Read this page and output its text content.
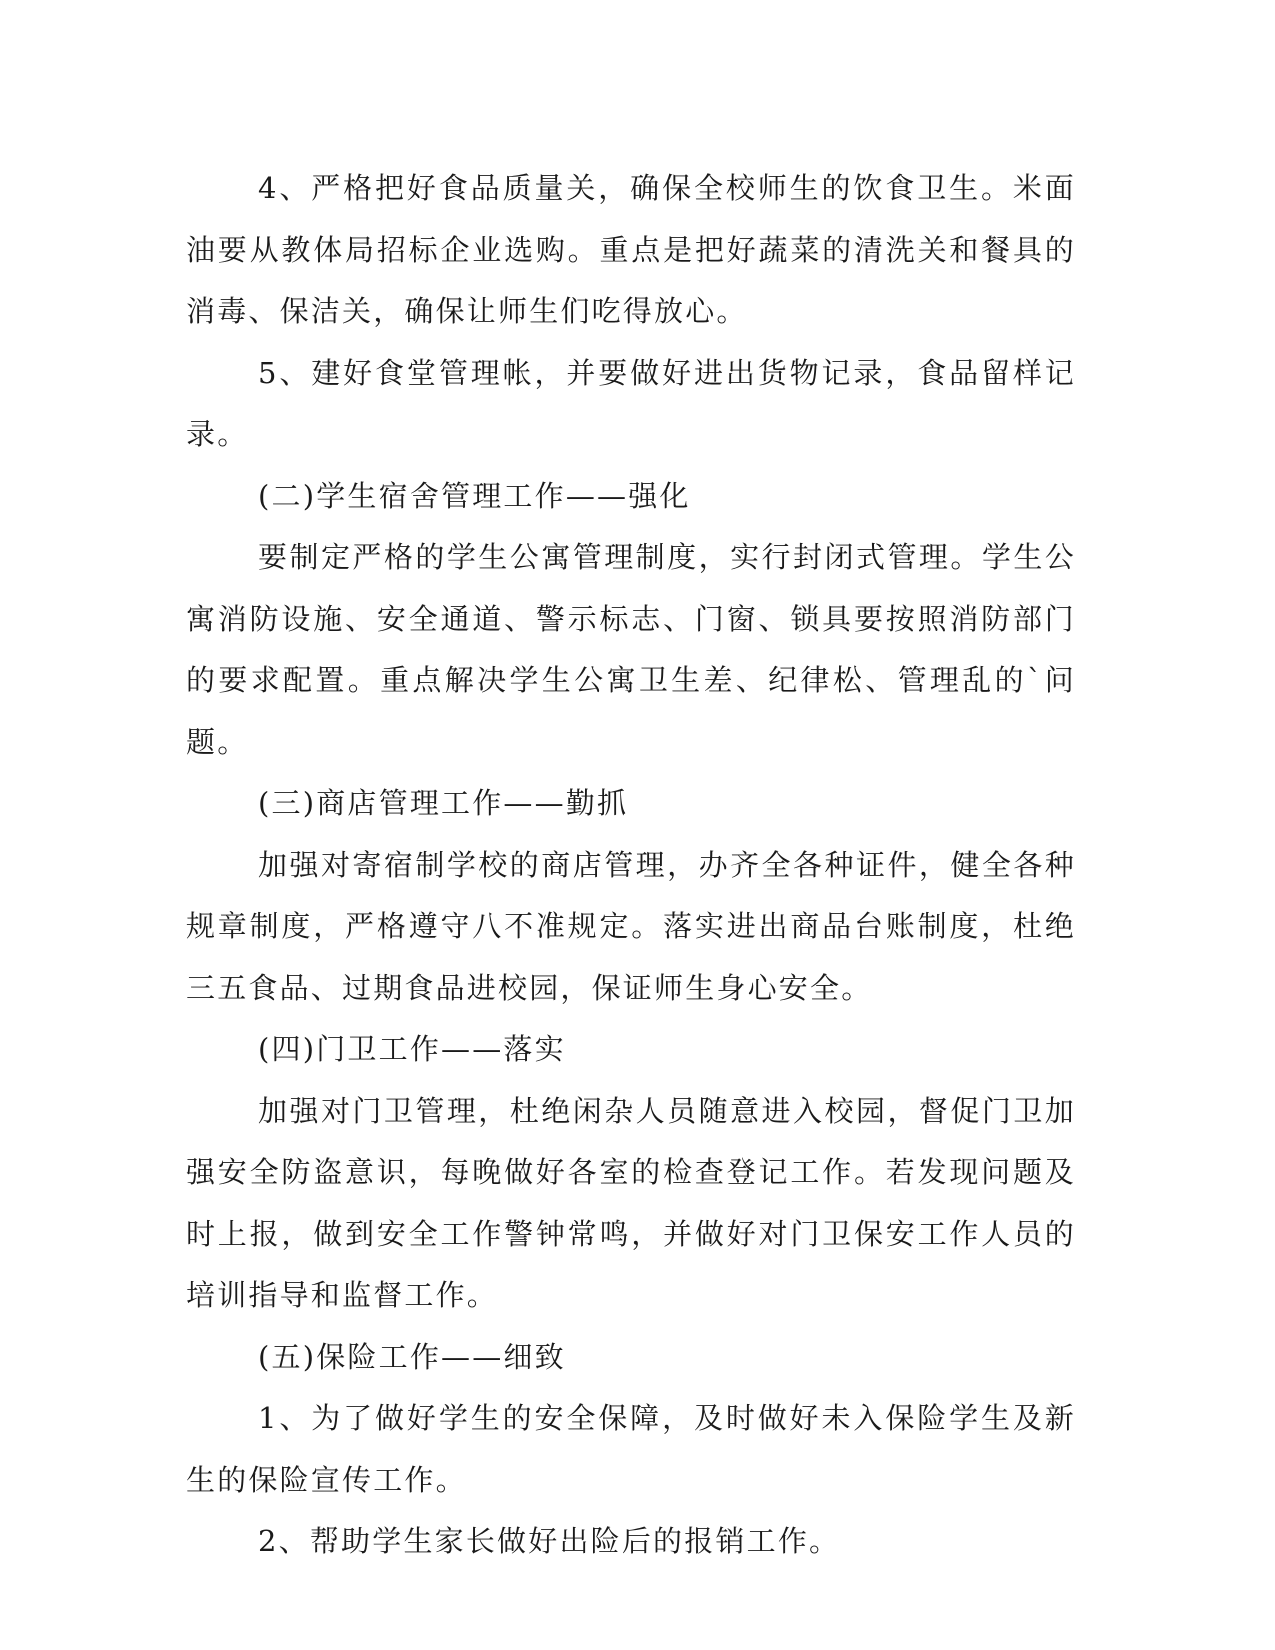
4、严格把好食品质量关，确保全校师生的饮食卫生。米面油要从教体局招标企业选购。重点是把好蔬菜的清洗关和餐具的消毒、保洁关，确保让师生们吃得放心。

5、建好食堂管理帐，并要做好进出货物记录，食品留样记录。

(二)学生宿舍管理工作——强化

要制定严格的学生公寓管理制度，实行封闭式管理。学生公寓消防设施、安全通道、警示标志、门窗、锁具要按照消防部门的要求配置。重点解决学生公寓卫生差、纪律松、管理乱的`问题。

(三)商店管理工作——勤抓

加强对寄宿制学校的商店管理，办齐全各种证件，健全各种规章制度，严格遵守八不准规定。落实进出商品台账制度，杜绝三五食品、过期食品进校园，保证师生身心安全。

(四)门卫工作——落实

加强对门卫管理，杜绝闲杂人员随意进入校园，督促门卫加强安全防盗意识，每晚做好各室的检查登记工作。若发现问题及时上报，做到安全工作警钟常鸣，并做好对门卫保安工作人员的培训指导和监督工作。

(五)保险工作——细致

1、为了做好学生的安全保障，及时做好未入保险学生及新生的保险宣传工作。

2、帮助学生家长做好出险后的报销工作。
